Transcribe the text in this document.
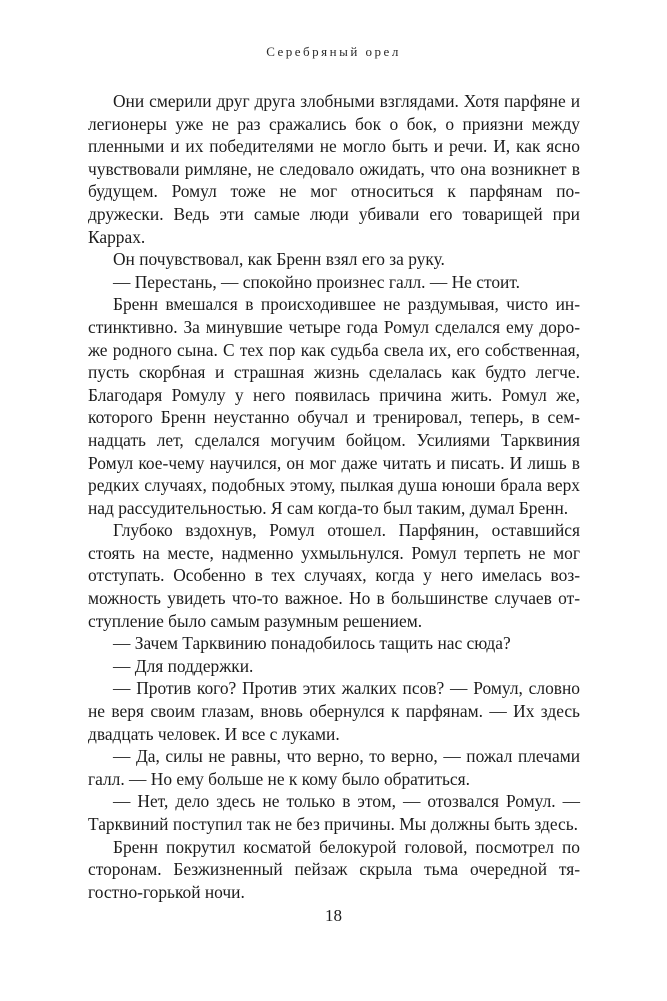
Серебряный орел

Они смерили друг друга злобными взглядами. Хотя парфяне и легионеры уже не раз сражались бок о бок, о приязни между пленными и их победителями не могло быть и речи. И, как ясно чувствовали римляне, не следовало ожидать, что она возникнет в будущем. Ромул тоже не мог относиться к парфянам по-дружески. Ведь эти самые люди убивали его товарищей при Каррах.

Он почувствовал, как Бренн взял его за руку.

— Перестань, — спокойно произнес галл. — Не стоит.

Бренн вмешался в происходившее не раздумывая, чисто инстинктивно. За минувшие четыре года Ромул сделался ему дороже родного сына. С тех пор как судьба свела их, его собственная, пусть скорбная и страшная жизнь сделалась как будто легче. Благодаря Ромулу у него появилась причина жить. Ромул же, которого Бренн неустанно обучал и тренировал, теперь, в семнадцать лет, сделался могучим бойцом. Усилиями Тарквиния Ромул кое-чему научился, он мог даже читать и писать. И лишь в редких случаях, подобных этому, пылкая душа юноши брала верх над рассудительностью. Я сам когда-то был таким, думал Бренн.

Глубоко вздохнув, Ромул отошел. Парфянин, оставшийся стоять на месте, надменно ухмыльнулся. Ромул терпеть не мог отступать. Особенно в тех случаях, когда у него имелась возможность увидеть что-то важное. Но в большинстве случаев отступление было самым разумным решением.

— Зачем Тарквинию понадобилось тащить нас сюда?

— Для поддержки.

— Против кого? Против этих жалких псов? — Ромул, словно не веря своим глазам, вновь обернулся к парфянам. — Их здесь двадцать человек. И все с луками.

— Да, силы не равны, что верно, то верно, — пожал плечами галл. — Но ему больше не к кому было обратиться.

— Нет, дело здесь не только в этом, — отозвался Ромул. — Тарквиний поступил так не без причины. Мы должны быть здесь.

Бренн покрутил косматой белокурой головой, посмотрел по сторонам. Безжизненный пейзаж скрыла тьма очередной тягостно-горькой ночи.

18
